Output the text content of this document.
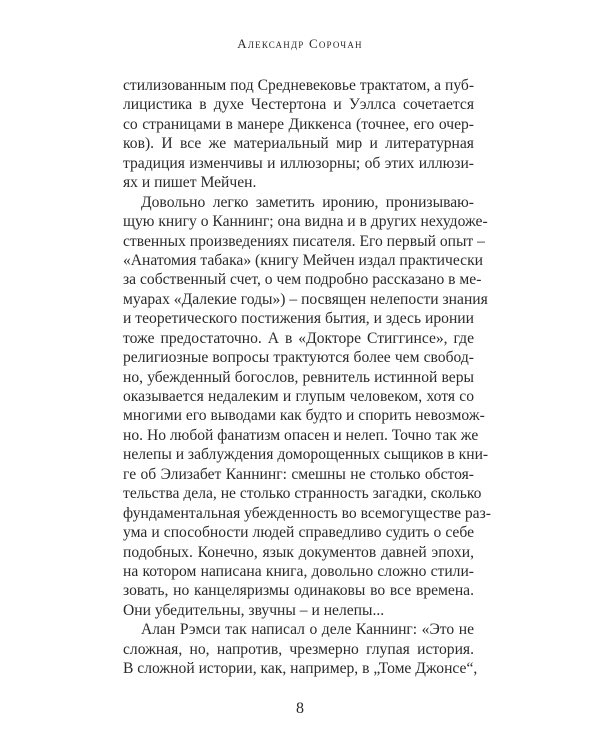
Александр Сорочан
стилизованным под Средневековье трактатом, а пуб-
лицистика в духе Честертона и Уэллса сочетается
со страницами в манере Диккенса (точнее, его очер-
ков). И все же материальный мир и литературная
традиция изменчивы и иллюзорны; об этих иллюзи-
ях и пишет Мейчен.
Довольно легко заметить иронию, пронизываю-
щую книгу о Каннинг; она видна и в других нехудоже-
ственных произведениях писателя. Его первый опыт –
«Анатомия табака» (книгу Мейчен издал практически
за собственный счет, о чем подробно рассказано в ме-
муарах «Далекие годы») – посвящен нелепости знания
и теоретического постижения бытия, и здесь иронии
тоже предостаточно. А в «Докторе Стиггинсе», где
религиозные вопросы трактуются более чем свобод-
но, убежденный богослов, ревнитель истинной веры
оказывается недалеким и глупым человеком, хотя со
многими его выводами как будто и спорить невозмож-
но. Но любой фанатизм опасен и нелеп. Точно так же
нелепы и заблуждения доморощенных сыщиков в кни-
ге об Элизабет Каннинг: смешны не столько обстоя-
тельства дела, не столько странность загадки, сколько
фундаментальная убежденность во всемогуществе раз-
ума и способности людей справедливо судить о себе
подобных. Конечно, язык документов давней эпохи,
на котором написана книга, довольно сложно стили-
зовать, но канцеляризмы одинаковы во все времена.
Они убедительны, звучны – и нелепы...
Алан Рэмси так написал о деле Каннинг: «Это не
сложная, но, напротив, чрезмерно глупая история.
В сложной истории, как, например, в „Томе Джонсе“,
8
